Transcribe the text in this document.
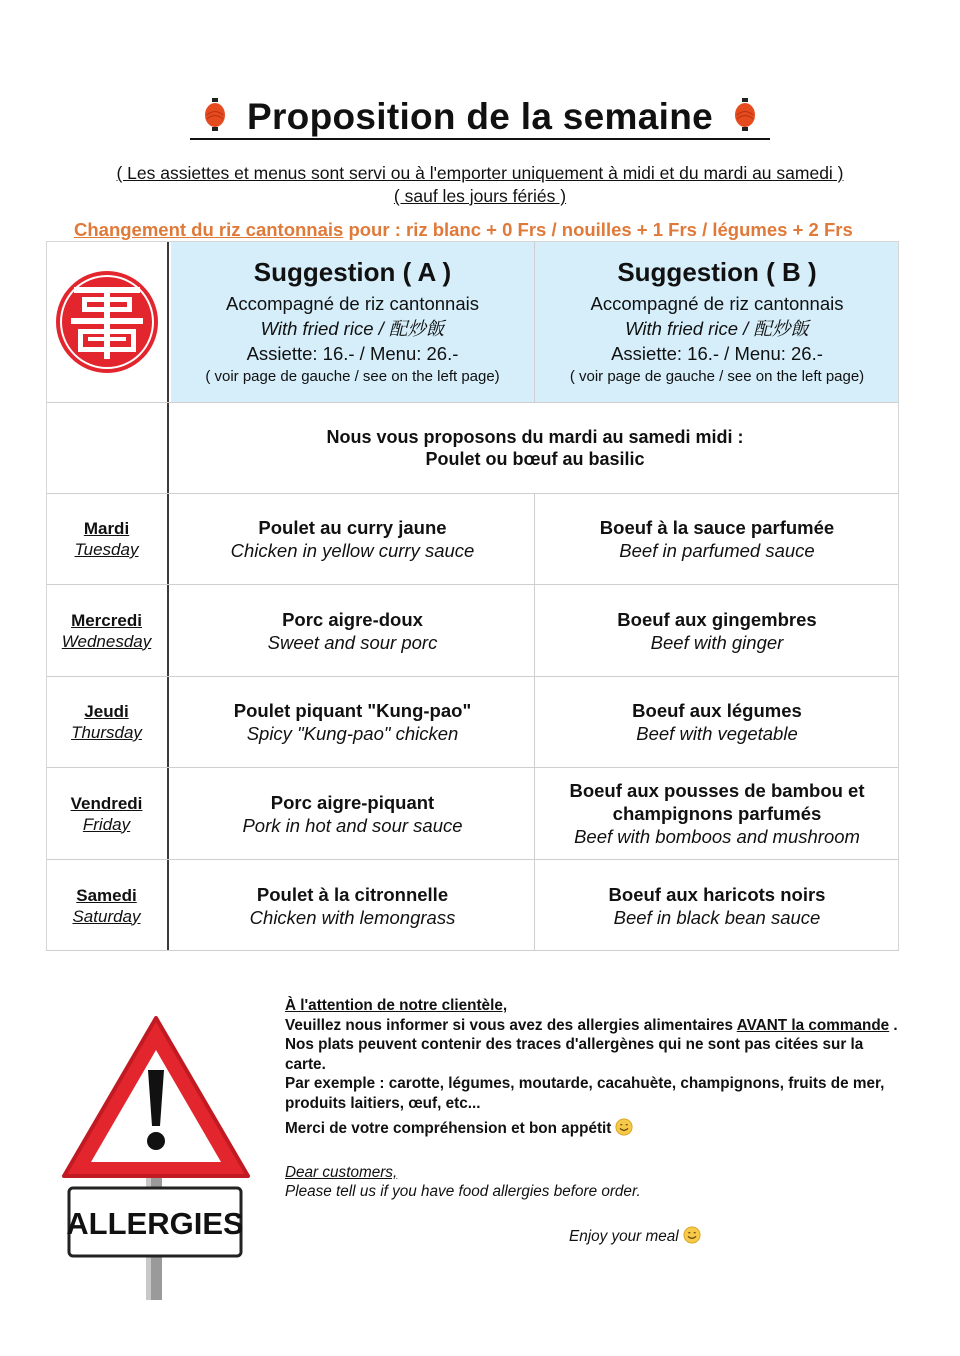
Proposition de la semaine
( Les assiettes et menus sont servi ou à l'emporter uniquement à midi et du mardi au samedi )
( sauf les jours fériés )
Changement du riz cantonnais pour : riz blanc + 0 Frs / nouilles + 1 Frs / légumes + 2 Frs
Suggestion ( A )
Accompagné de riz cantonnais
With fried rice / 配炒飯
Assiette: 16.- / Menu: 26.-
( voir page de gauche / see on the left page)
Suggestion ( B )
Accompagné de riz cantonnais
With fried rice / 配炒飯
Assiette: 16.- / Menu: 26.-
( voir page de gauche / see on the left page)
Nous vous proposons du mardi au samedi midi :
Poulet ou bœuf au basilic
Mardi
Tuesday
Poulet au curry jaune
Chicken in yellow curry sauce
Boeuf à la sauce parfumée
Beef in parfumed sauce
Mercredi
Wednesday
Porc aigre-doux
Sweet and sour porc
Boeuf aux gingembres
Beef with ginger
Jeudi
Thursday
Poulet piquant "Kung-pao"
Spicy "Kung-pao" chicken
Boeuf aux légumes
Beef with vegetable
Vendredi
Friday
Porc aigre-piquant
Pork in hot and sour sauce
Boeuf aux pousses de bambou et champignons parfumés
Beef with bomboos and mushroom
Samedi
Saturday
Poulet à la citronnelle
Chicken with lemongrass
Boeuf aux haricots noirs
Beef in black bean sauce
ALLERGIES

À l'attention de notre clientèle,

Veuillez nous informer si vous avez des allergies alimentaires AVANT la commande .

Nos plats peuvent contenir des traces d'allergènes qui ne sont pas citées sur la carte.

Par exemple : carotte, légumes, moutarde, cacahuète, champignons, fruits de mer, produits laitiers, œuf, etc...

Merci de votre compréhension et bon appétit

Dear customers,

Please tell us if you have food allergies before order.

Enjoy your meal
